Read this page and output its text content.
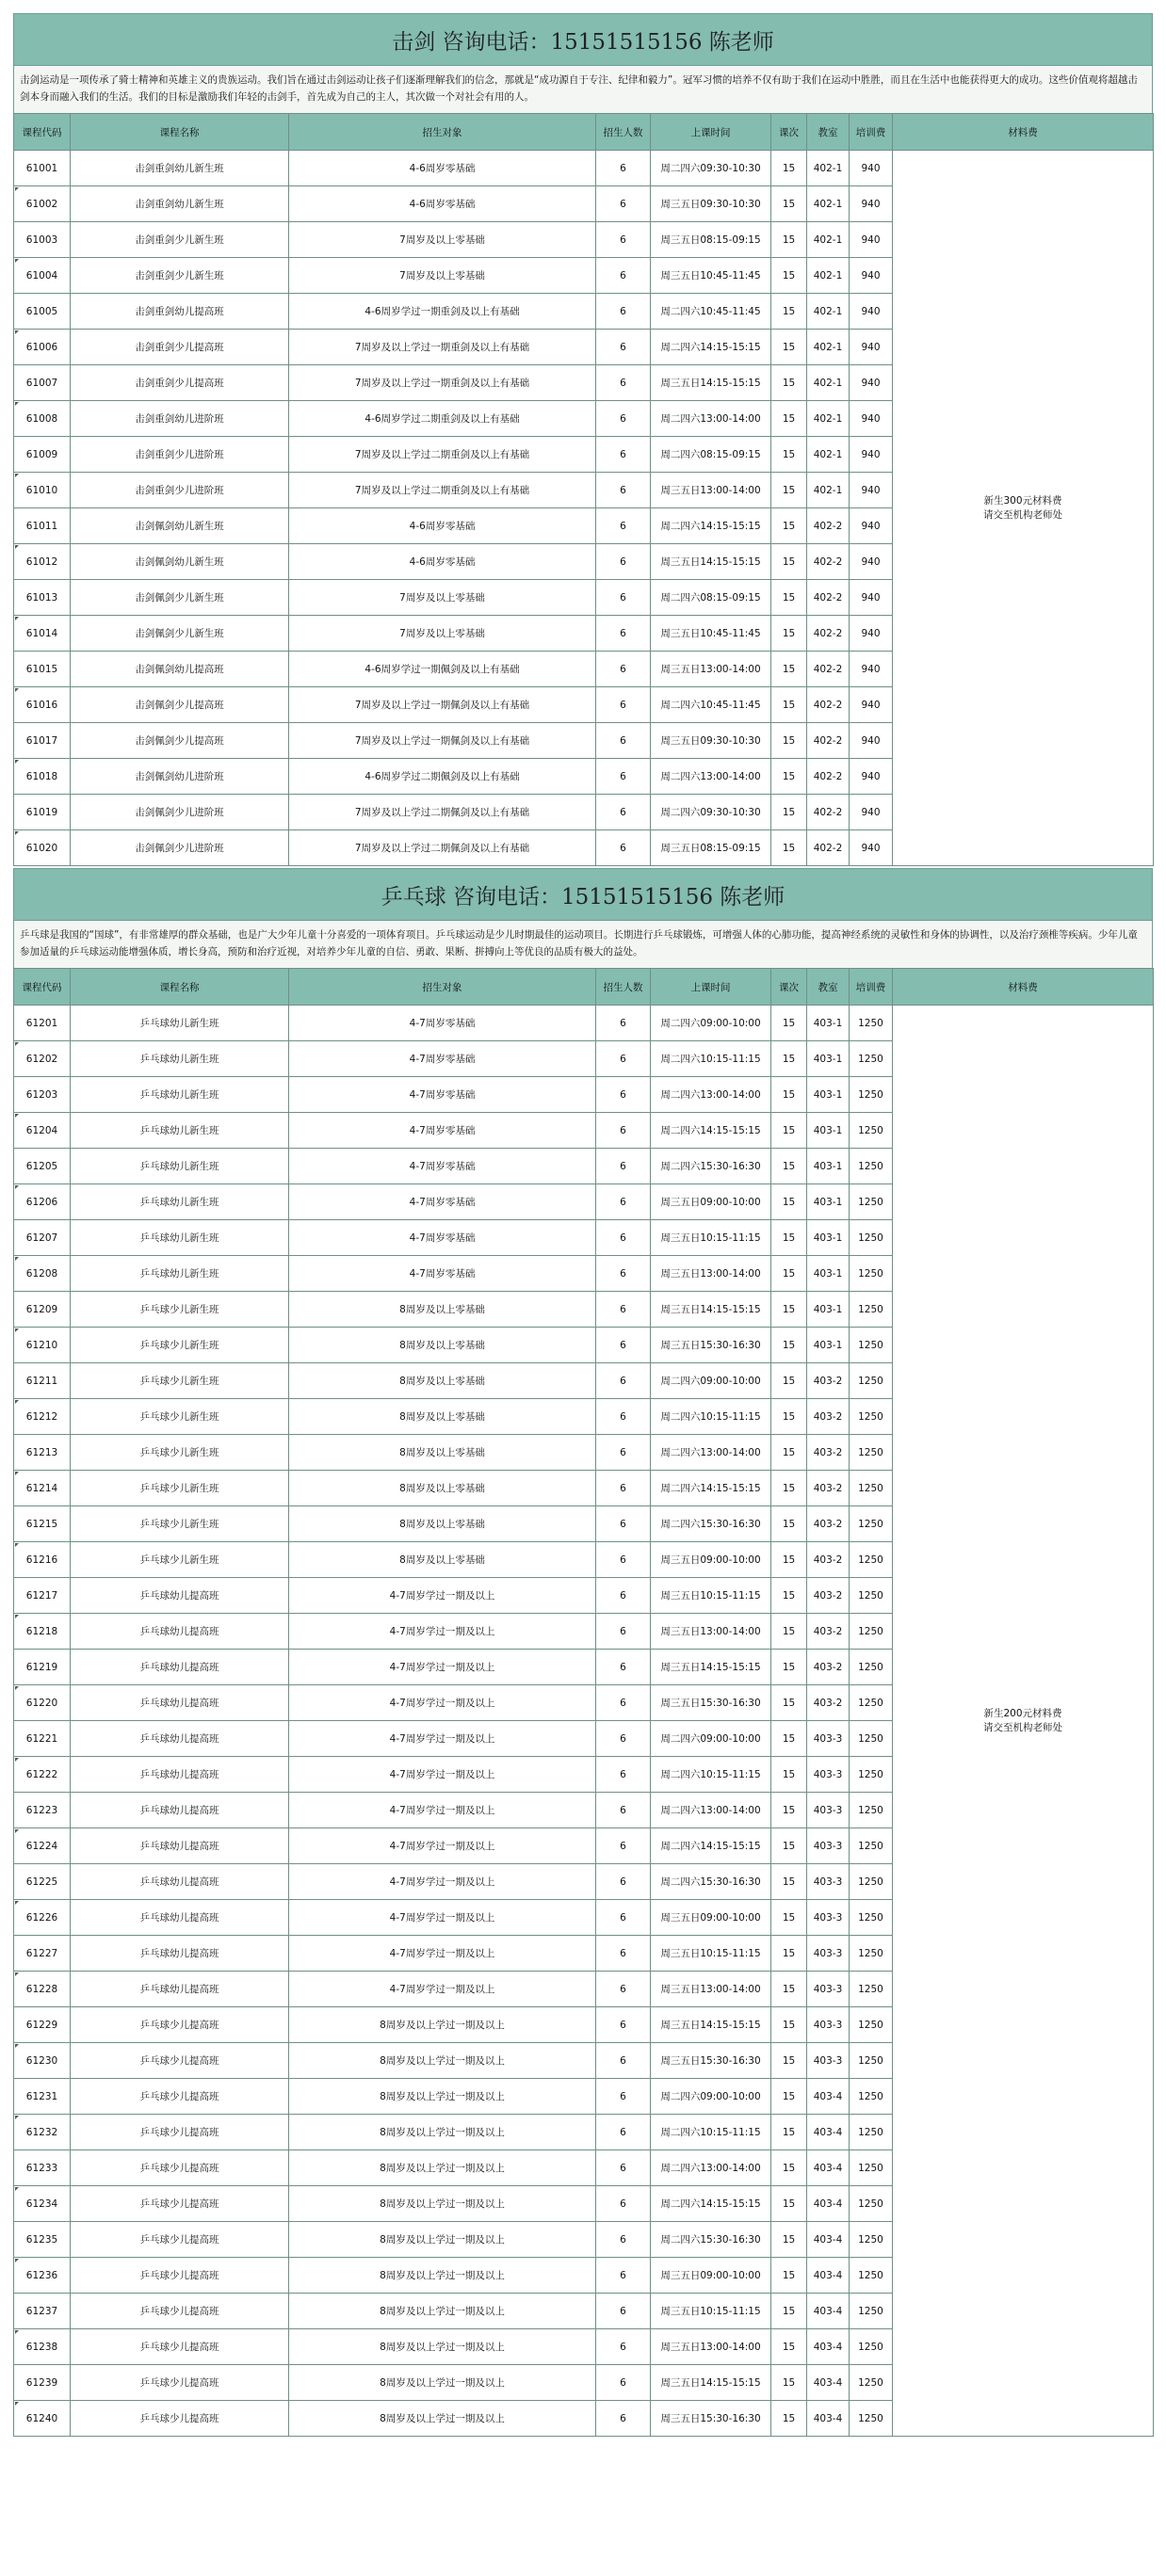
击剑 咨询电话：15151515156 陈老师
击剑运动是一项传承了骑士精神和英雄主义的贵族运动。我们旨在通过击剑运动让孩子们逐渐理解我们的信念，那就是“成功源自于专注、纪律和毅力”。冠军习惯的培养不仅有助于我们在运动中胜胜，而且在生活中也能获得更大的成功。这些价值观将超越击剑本身而融入我们的生活。我们的目标是激励我们年轻的击剑手，首先成为自己的主人，其次做一个对社会有用的人。
课程代码	课程名称	招生对象	招生人数	上课时间	课次	教室	培训费	材料费
61001	击剑重剑幼儿新生班	4-6周岁零基础	6	周二四六09:30-10:30	15	402-1	940	新生300元材料费
请交至机构老师处
61002	击剑重剑幼儿新生班	4-6周岁零基础	6	周三五日09:30-10:30	15	402-1	940	
61003	击剑重剑少儿新生班	7周岁及以上零基础	6	周三五日08:15-09:15	15	402-1	940	
61004	击剑重剑少儿新生班	7周岁及以上零基础	6	周三五日10:45-11:45	15	402-1	940	
61005	击剑重剑幼儿提高班	4-6周岁学过一期重剑及以上有基础	6	周二四六10:45-11:45	15	402-1	940	
61006	击剑重剑少儿提高班	7周岁及以上学过一期重剑及以上有基础	6	周二四六14:15-15:15	15	402-1	940	
61007	击剑重剑少儿提高班	7周岁及以上学过一期重剑及以上有基础	6	周三五日14:15-15:15	15	402-1	940	
61008	击剑重剑幼儿进阶班	4-6周岁学过二期重剑及以上有基础	6	周二四六13:00-14:00	15	402-1	940	
61009	击剑重剑少儿进阶班	7周岁及以上学过二期重剑及以上有基础	6	周二四六08:15-09:15	15	402-1	940	
61010	击剑重剑少儿进阶班	7周岁及以上学过二期重剑及以上有基础	6	周三五日13:00-14:00	15	402-1	940	
61011	击剑佩剑幼儿新生班	4-6周岁零基础	6	周二四六14:15-15:15	15	402-2	940	
61012	击剑佩剑幼儿新生班	4-6周岁零基础	6	周三五日14:15-15:15	15	402-2	940	
61013	击剑佩剑少儿新生班	7周岁及以上零基础	6	周二四六08:15-09:15	15	402-2	940	
61014	击剑佩剑少儿新生班	7周岁及以上零基础	6	周三五日10:45-11:45	15	402-2	940	
61015	击剑佩剑幼儿提高班	4-6周岁学过一期佩剑及以上有基础	6	周三五日13:00-14:00	15	402-2	940	
61016	击剑佩剑少儿提高班	7周岁及以上学过一期佩剑及以上有基础	6	周二四六10:45-11:45	15	402-2	940	
61017	击剑佩剑少儿提高班	7周岁及以上学过一期佩剑及以上有基础	6	周三五日09:30-10:30	15	402-2	940	
61018	击剑佩剑幼儿进阶班	4-6周岁学过二期佩剑及以上有基础	6	周二四六13:00-14:00	15	402-2	940	
61019	击剑佩剑少儿进阶班	7周岁及以上学过二期佩剑及以上有基础	6	周二四六09:30-10:30	15	402-2	940	
61020	击剑佩剑少儿进阶班	7周岁及以上学过二期佩剑及以上有基础	6	周三五日08:15-09:15	15	402-2	940	
乒乓球 咨询电话：15151515156 陈老师
乒乓球是我国的“国球”，有非常雄厚的群众基础，也是广大少年儿童十分喜爱的一项体育项目。乒乓球运动是少儿时期最佳的运动项目。长期进行乒乓球锻炼，可增强人体的心肺功能，提高神经系统的灵敏性和身体的协调性，以及治疗颈椎等疾病。少年儿童参加适量的乒乓球运动能增强体质，增长身高，预防和治疗近视，对培养少年儿童的自信、勇敢、果断、拼搏向上等优良的品质有极大的益处。
课程代码	课程名称	招生对象	招生人数	上课时间	课次	教室	培训费	材料费
61201	乒乓球幼儿新生班	4-7周岁零基础	6	周二四六09:00-10:00	15	403-1	1250	新生200元材料费
请交至机构老师处
61202	乒乓球幼儿新生班	4-7周岁零基础	6	周二四六10:15-11:15	15	403-1	1250	
61203	乒乓球幼儿新生班	4-7周岁零基础	6	周二四六13:00-14:00	15	403-1	1250	
61204	乒乓球幼儿新生班	4-7周岁零基础	6	周二四六14:15-15:15	15	403-1	1250	
61205	乒乓球幼儿新生班	4-7周岁零基础	6	周二四六15:30-16:30	15	403-1	1250	
61206	乒乓球幼儿新生班	4-7周岁零基础	6	周三五日09:00-10:00	15	403-1	1250	
61207	乒乓球幼儿新生班	4-7周岁零基础	6	周三五日10:15-11:15	15	403-1	1250	
61208	乒乓球幼儿新生班	4-7周岁零基础	6	周三五日13:00-14:00	15	403-1	1250	
61209	乒乓球少儿新生班	8周岁及以上零基础	6	周三五日14:15-15:15	15	403-1	1250	
61210	乒乓球少儿新生班	8周岁及以上零基础	6	周三五日15:30-16:30	15	403-1	1250	
61211	乒乓球少儿新生班	8周岁及以上零基础	6	周二四六09:00-10:00	15	403-2	1250	
61212	乒乓球少儿新生班	8周岁及以上零基础	6	周二四六10:15-11:15	15	403-2	1250	
61213	乒乓球少儿新生班	8周岁及以上零基础	6	周二四六13:00-14:00	15	403-2	1250	
61214	乒乓球少儿新生班	8周岁及以上零基础	6	周二四六14:15-15:15	15	403-2	1250	
61215	乒乓球少儿新生班	8周岁及以上零基础	6	周二四六15:30-16:30	15	403-2	1250	
61216	乒乓球少儿新生班	8周岁及以上零基础	6	周三五日09:00-10:00	15	403-2	1250	
61217	乒乓球幼儿提高班	4-7周岁学过一期及以上	6	周三五日10:15-11:15	15	403-2	1250	
61218	乒乓球幼儿提高班	4-7周岁学过一期及以上	6	周三五日13:00-14:00	15	403-2	1250	
61219	乒乓球幼儿提高班	4-7周岁学过一期及以上	6	周三五日14:15-15:15	15	403-2	1250	
61220	乒乓球幼儿提高班	4-7周岁学过一期及以上	6	周三五日15:30-16:30	15	403-2	1250	
61221	乒乓球幼儿提高班	4-7周岁学过一期及以上	6	周二四六09:00-10:00	15	403-3	1250	
61222	乒乓球幼儿提高班	4-7周岁学过一期及以上	6	周二四六10:15-11:15	15	403-3	1250	
61223	乒乓球幼儿提高班	4-7周岁学过一期及以上	6	周二四六13:00-14:00	15	403-3	1250	
61224	乒乓球幼儿提高班	4-7周岁学过一期及以上	6	周二四六14:15-15:15	15	403-3	1250	
61225	乒乓球幼儿提高班	4-7周岁学过一期及以上	6	周二四六15:30-16:30	15	403-3	1250	
61226	乒乓球幼儿提高班	4-7周岁学过一期及以上	6	周三五日09:00-10:00	15	403-3	1250	
61227	乒乓球幼儿提高班	4-7周岁学过一期及以上	6	周三五日10:15-11:15	15	403-3	1250	
61228	乒乓球幼儿提高班	4-7周岁学过一期及以上	6	周三五日13:00-14:00	15	403-3	1250	
61229	乒乓球少儿提高班	8周岁及以上学过一期及以上	6	周三五日14:15-15:15	15	403-3	1250	
61230	乒乓球少儿提高班	8周岁及以上学过一期及以上	6	周三五日15:30-16:30	15	403-3	1250	
61231	乒乓球少儿提高班	8周岁及以上学过一期及以上	6	周二四六09:00-10:00	15	403-4	1250	
61232	乒乓球少儿提高班	8周岁及以上学过一期及以上	6	周二四六10:15-11:15	15	403-4	1250	
61233	乒乓球少儿提高班	8周岁及以上学过一期及以上	6	周二四六13:00-14:00	15	403-4	1250	
61234	乒乓球少儿提高班	8周岁及以上学过一期及以上	6	周二四六14:15-15:15	15	403-4	1250	
61235	乒乓球少儿提高班	8周岁及以上学过一期及以上	6	周二四六15:30-16:30	15	403-4	1250	
61236	乒乓球少儿提高班	8周岁及以上学过一期及以上	6	周三五日09:00-10:00	15	403-4	1250	
61237	乒乓球少儿提高班	8周岁及以上学过一期及以上	6	周三五日10:15-11:15	15	403-4	1250	
61238	乒乓球少儿提高班	8周岁及以上学过一期及以上	6	周三五日13:00-14:00	15	403-4	1250	
61239	乒乓球少儿提高班	8周岁及以上学过一期及以上	6	周三五日14:15-15:15	15	403-4	1250	
61240	乒乓球少儿提高班	8周岁及以上学过一期及以上	6	周三五日15:30-16:30	15	403-4	1250	
